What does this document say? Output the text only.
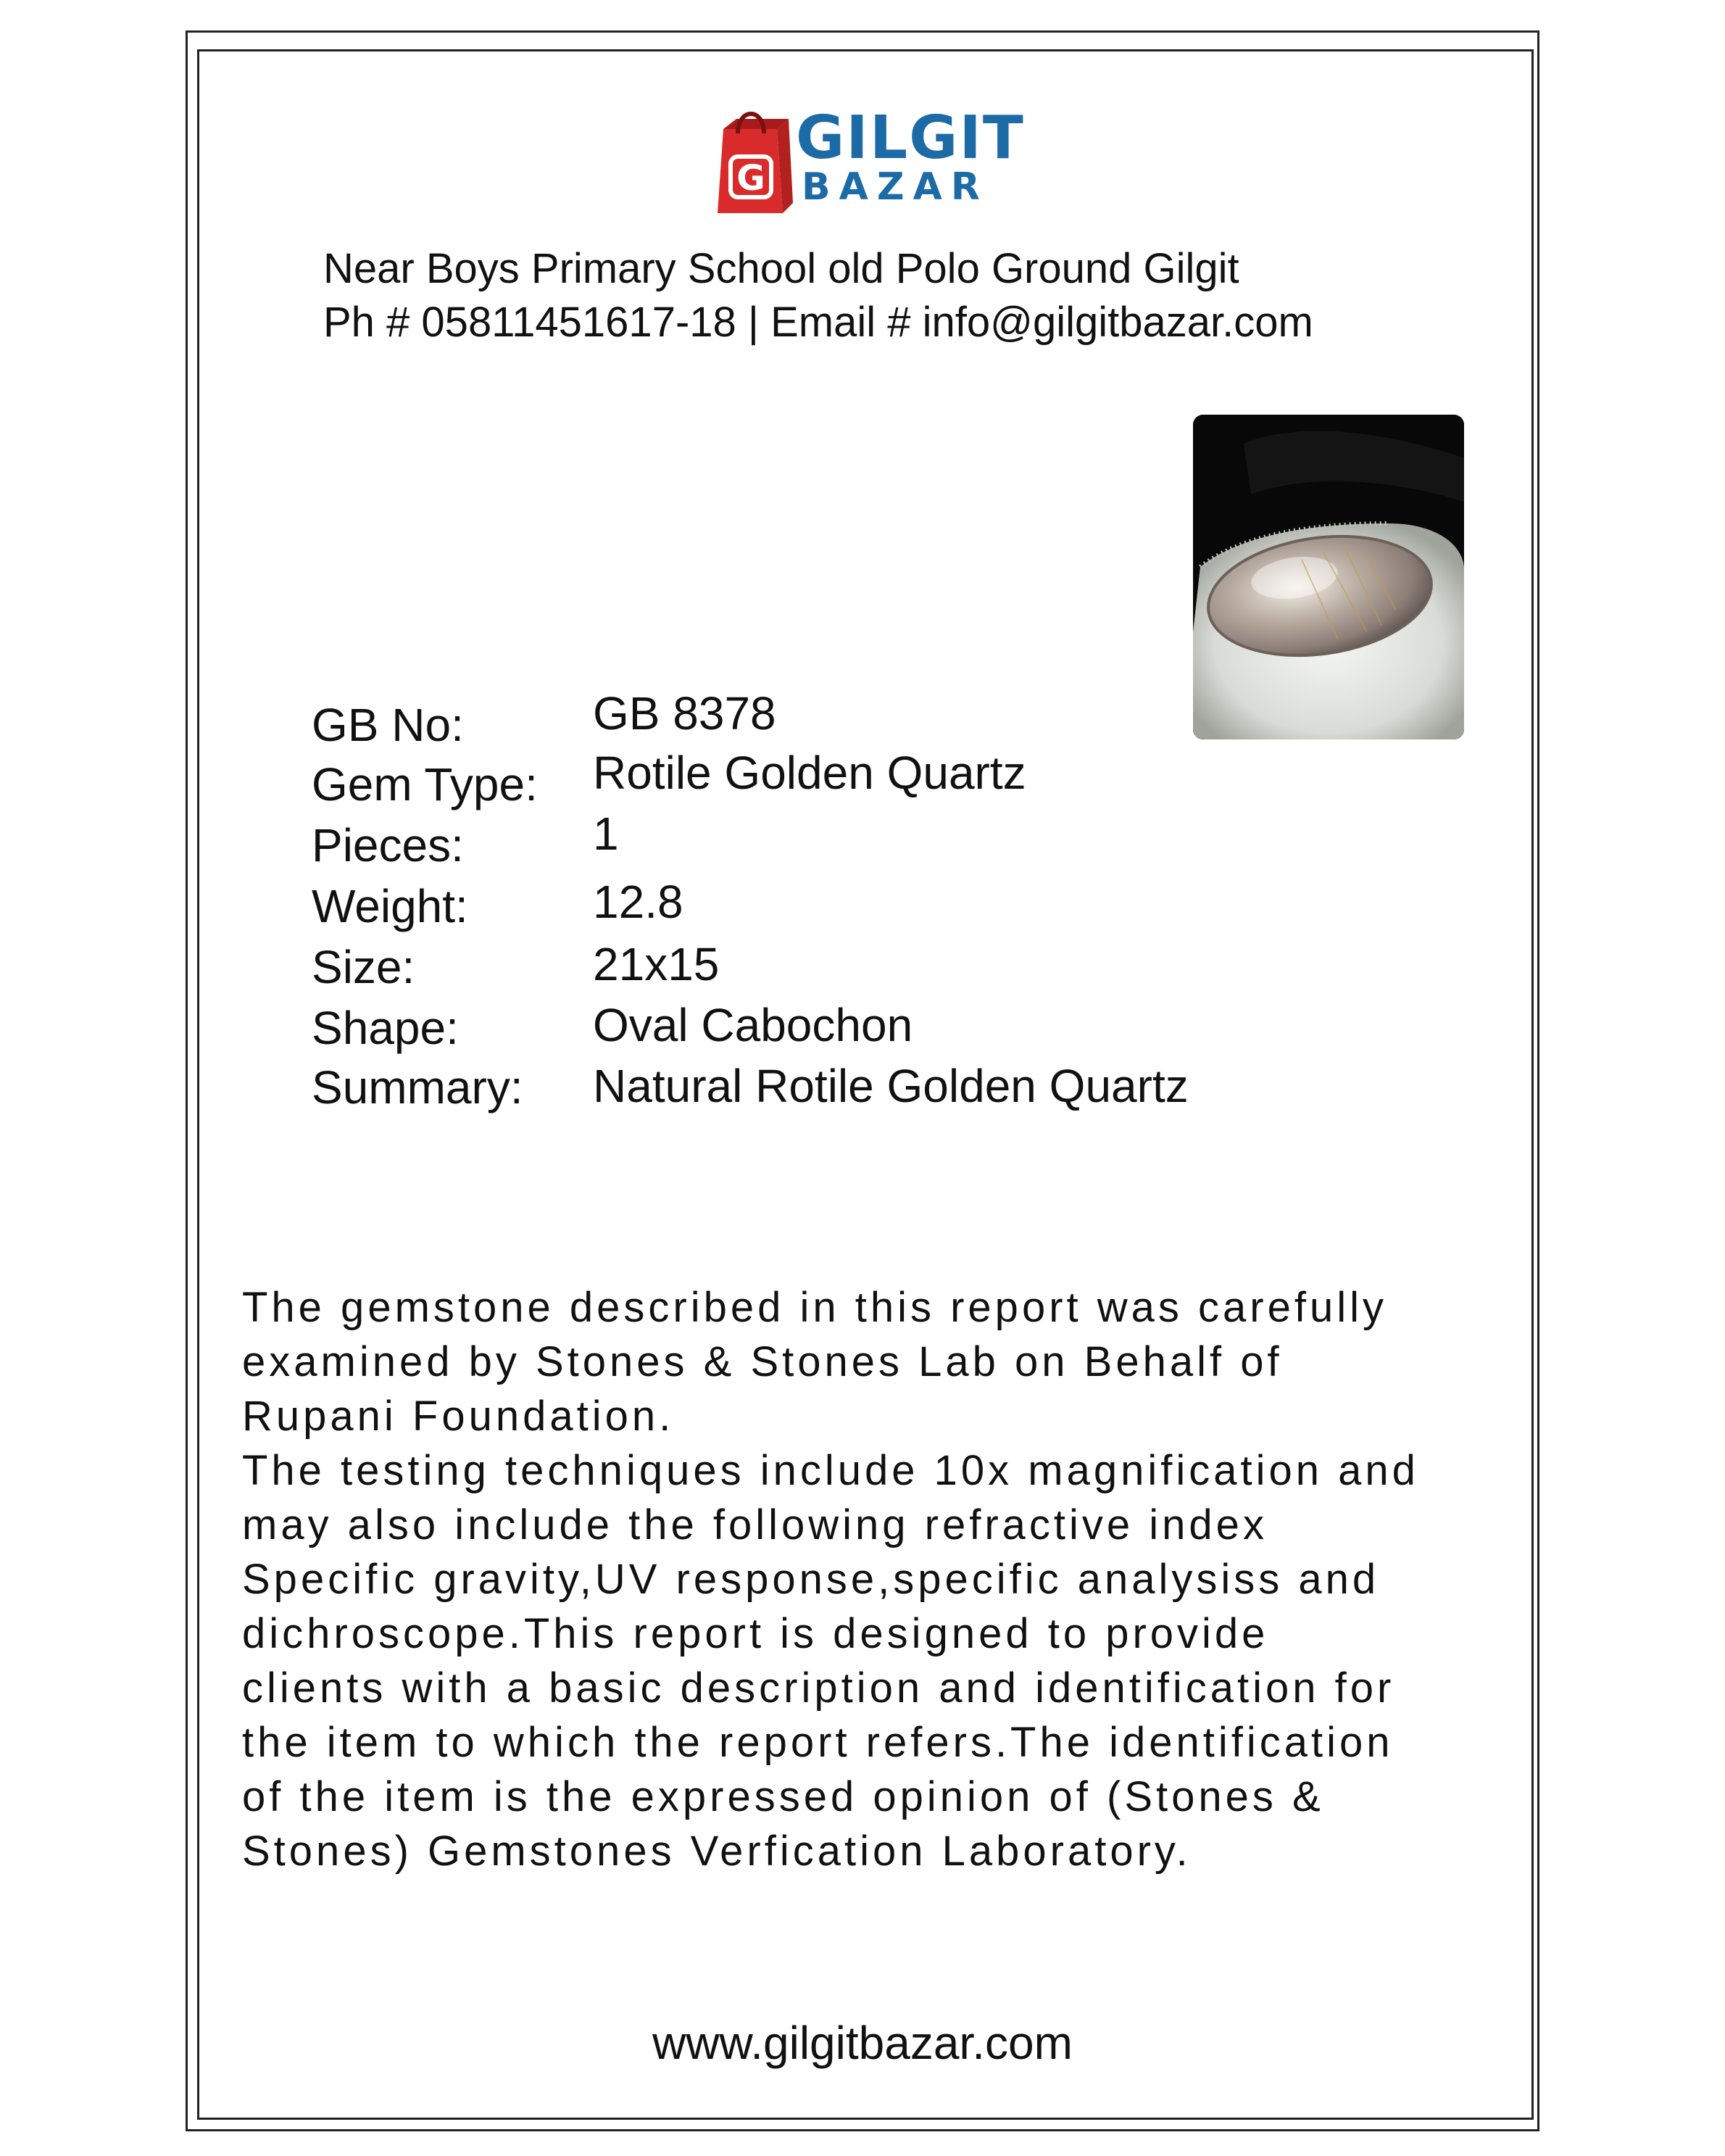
G
GILGIT
BAZAR
Near Boys Primary School old Polo Ground Gilgit
Ph # 05811451617-18 | Email # info@gilgitbazar.com
GB No:	GB 8378
Gem Type: Rotile Golden Quartz
Pieces:	1
Weight:	12.8
Size:	21x15
Shape:	Oval Cabochon
Summary: Natural Rotile Golden Quartz
The gemstone described in this report was carefully
examined by Stones & Stones Lab on Behalf of
Rupani Foundation.
The testing techniques include 10x magnification and
may also include the following refractive index
Specific gravity,UV response,specific analysiss and
dichroscope.This report is designed to provide
clients with a basic description and identification for
the item to which the report refers.The identification
of the item is the expressed opinion of (Stones &
Stones) Gemstones Verfication Laboratory.
www.gilgitbazar.com
